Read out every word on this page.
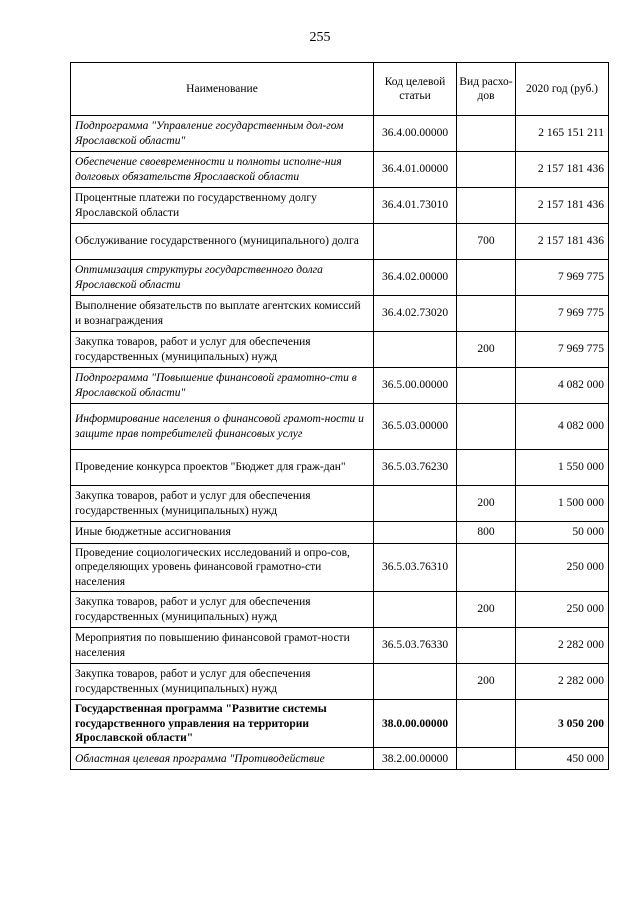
255
Наименование	Код целевой статьи	Вид расхо-дов	2020 год (руб.)
Подпрограмма "Управление государственным дол-гом Ярославской области"	36.4.00.00000		2 165 151 211
Обеспечение своевременности и полноты исполне-ния долговых обязательств Ярославской области	36.4.01.00000		2 157 181 436
Процентные платежи по государственному долгу Ярославской области	36.4.01.73010		2 157 181 436
Обслуживание государственного (муниципального) долга		700	2 157 181 436
Оптимизация структуры государственного долга Ярославской области	36.4.02.00000		7 969 775
Выполнение обязательств по выплате агентских комиссий и вознаграждения	36.4.02.73020		7 969 775
Закупка товаров, работ и услуг для обеспечения государственных (муниципальных) нужд		200	7 969 775
Подпрограмма "Повышение финансовой грамотно-сти в Ярославской области"	36.5.00.00000		4 082 000
Информирование населения о финансовой грамот-ности и защите прав потребителей финансовых услуг	36.5.03.00000		4 082 000
Проведение конкурса проектов "Бюджет для граж-дан"	36.5.03.76230		1 550 000
Закупка товаров, работ и услуг для обеспечения государственных (муниципальных) нужд		200	1 500 000
Иные бюджетные ассигнования		800	50 000
Проведение социологических исследований и опро-сов, определяющих уровень финансовой грамотно-сти населения	36.5.03.76310		250 000
Закупка товаров, работ и услуг для обеспечения государственных (муниципальных) нужд		200	250 000
Мероприятия по повышению финансовой грамот-ности населения	36.5.03.76330		2 282 000
Закупка товаров, работ и услуг для обеспечения государственных (муниципальных) нужд		200	2 282 000
Государственная программа "Развитие системы государственного управления на территории Ярославской области"	38.0.00.00000		3 050 200
Областная целевая программа "Противодействие	38.2.00.00000		450 000
